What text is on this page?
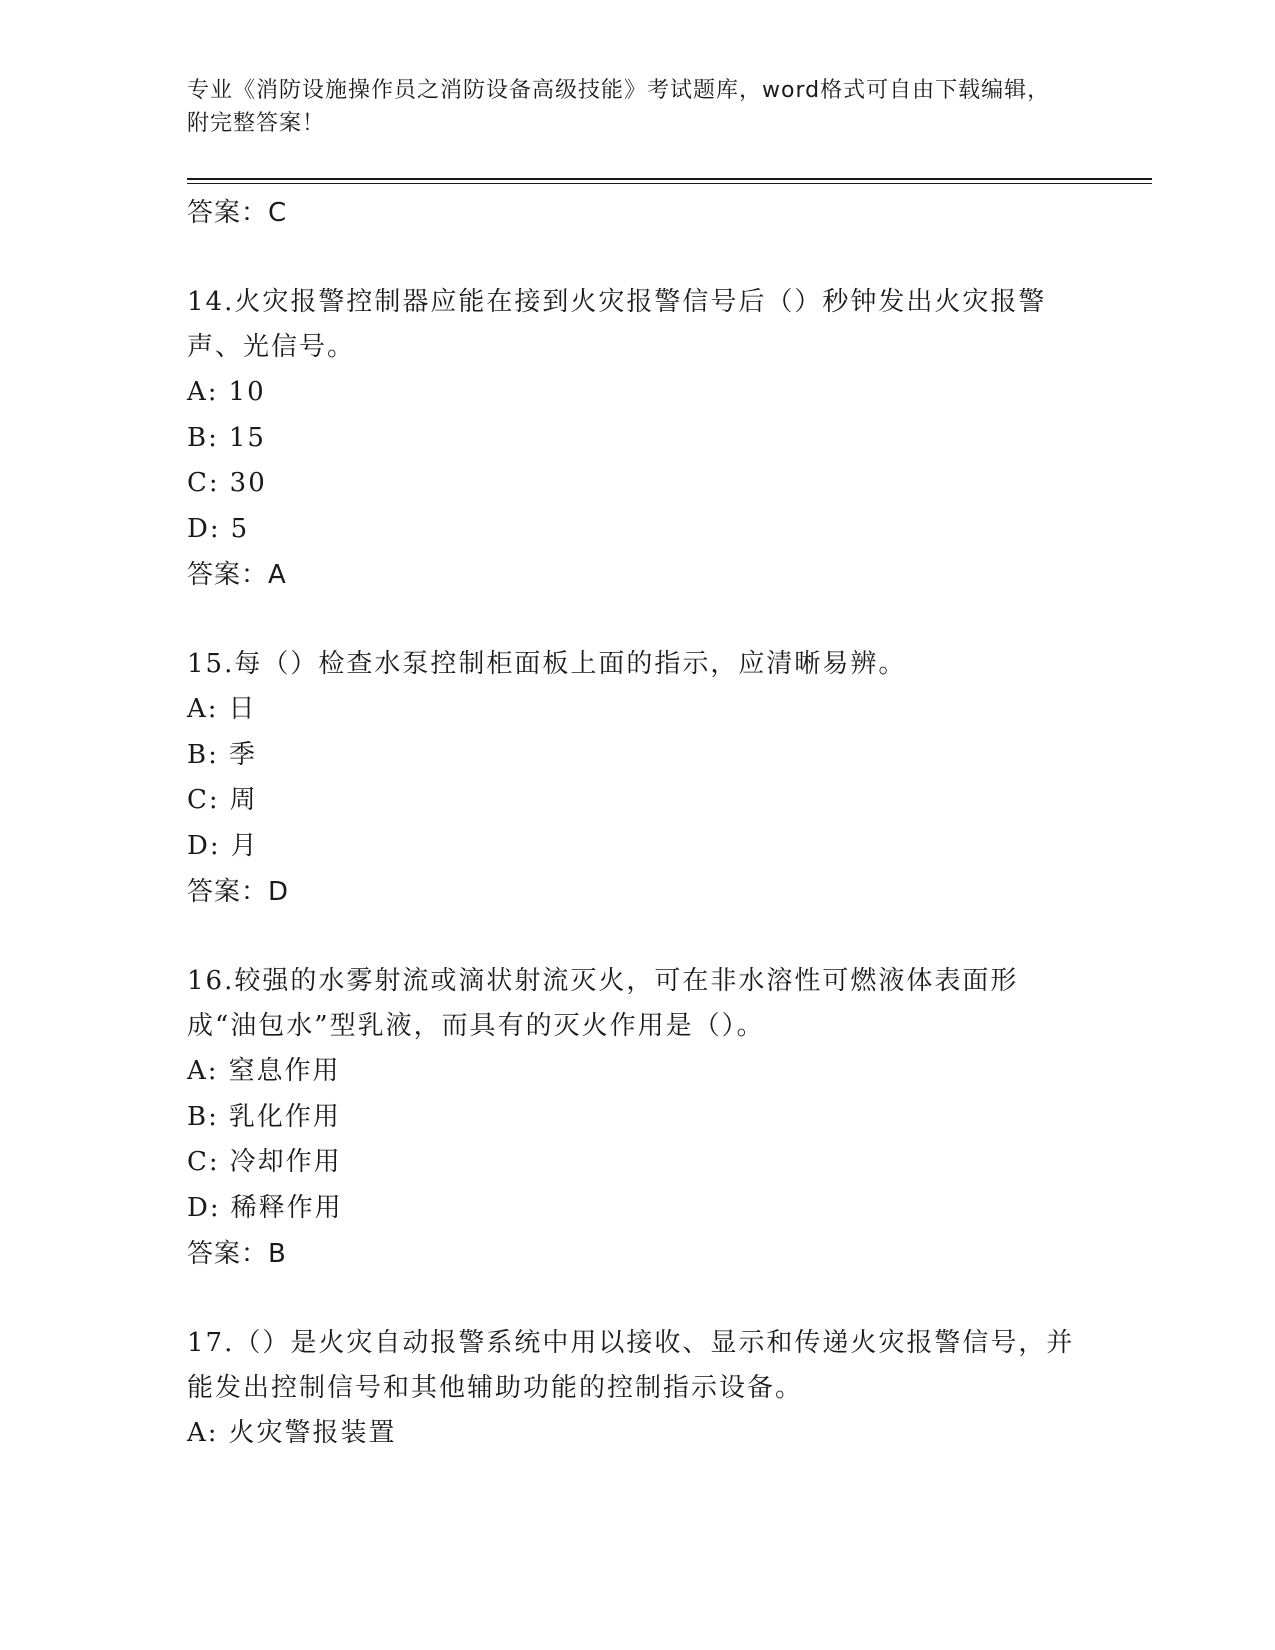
专业《消防设施操作员之消防设备高级技能》考试题库，word格式可自由下载编辑，附完整答案！
答案：C
14.火灾报警控制器应能在接到火灾报警信号后（）秒钟发出火灾报警声、光信号。
A: 10
B: 15
C: 30
D: 5
答案：A
15.每（）检查水泵控制柜面板上面的指示，应清晰易辨。
A: 日
B: 季
C: 周
D: 月
答案：D
16.较强的水雾射流或滴状射流灭火，可在非水溶性可燃液体表面形成“油包水”型乳液，而具有的灭火作用是（）。
A: 窒息作用
B: 乳化作用
C: 冷却作用
D: 稀释作用
答案：B
17.（）是火灾自动报警系统中用以接收、显示和传递火灾报警信号，并能发出控制信号和其他辅助功能的控制指示设备。
A: 火灾警报装置
